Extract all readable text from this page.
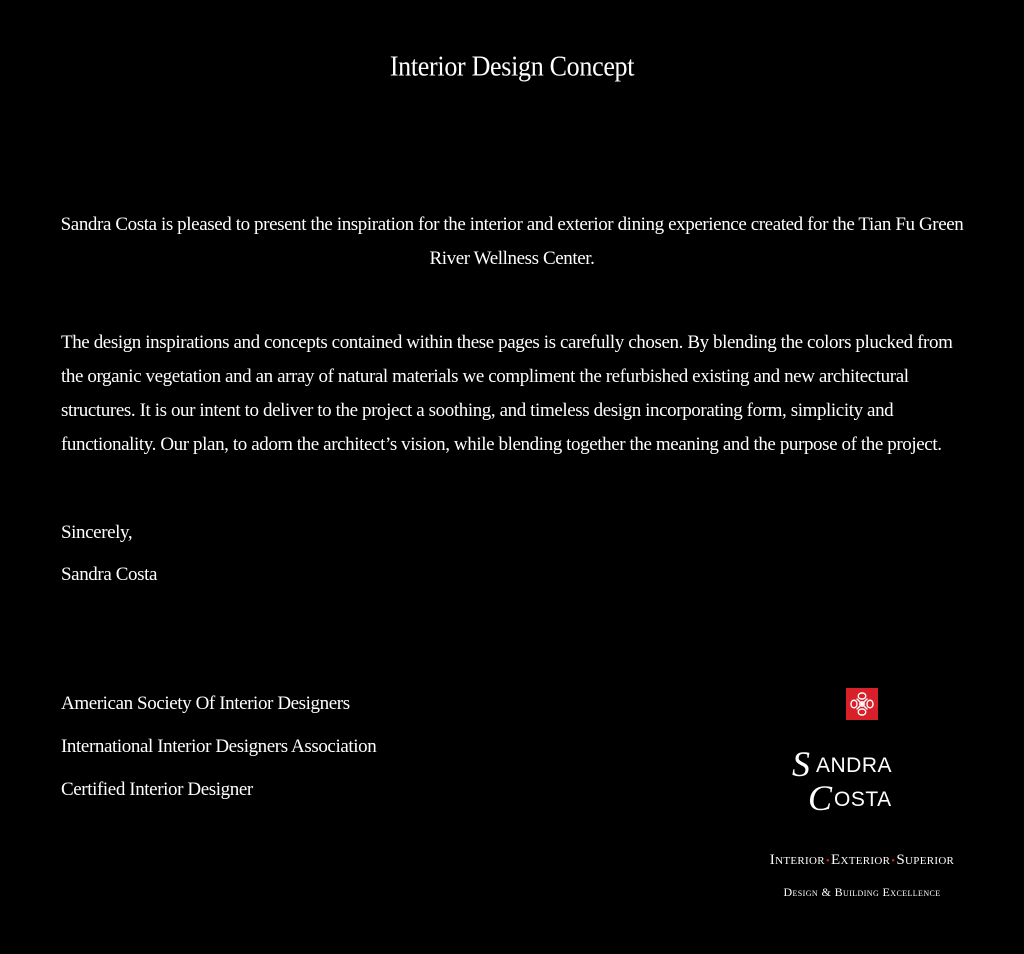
Interior Design Concept
Sandra Costa is pleased to present the inspiration for the interior and exterior dining experience created for the Tian Fu Green River Wellness Center.
The design inspirations and concepts contained within these pages is carefully chosen. By blending the colors plucked from the organic vegetation and an array of natural materials we compliment the refurbished existing and new architectural structures. It is our intent to deliver to the project a soothing, and timeless design incorporating form, simplicity and functionality. Our plan, to adorn the architect’s vision, while blending together the meaning and the purpose of the project.
Sincerely,
Sandra Costa
American Society Of Interior Designers
International Interior Designers Association
Certified Interior Designer
S ANDRA
C OSTA
Interior•Exterior•Superior
Design & Building Excellence
